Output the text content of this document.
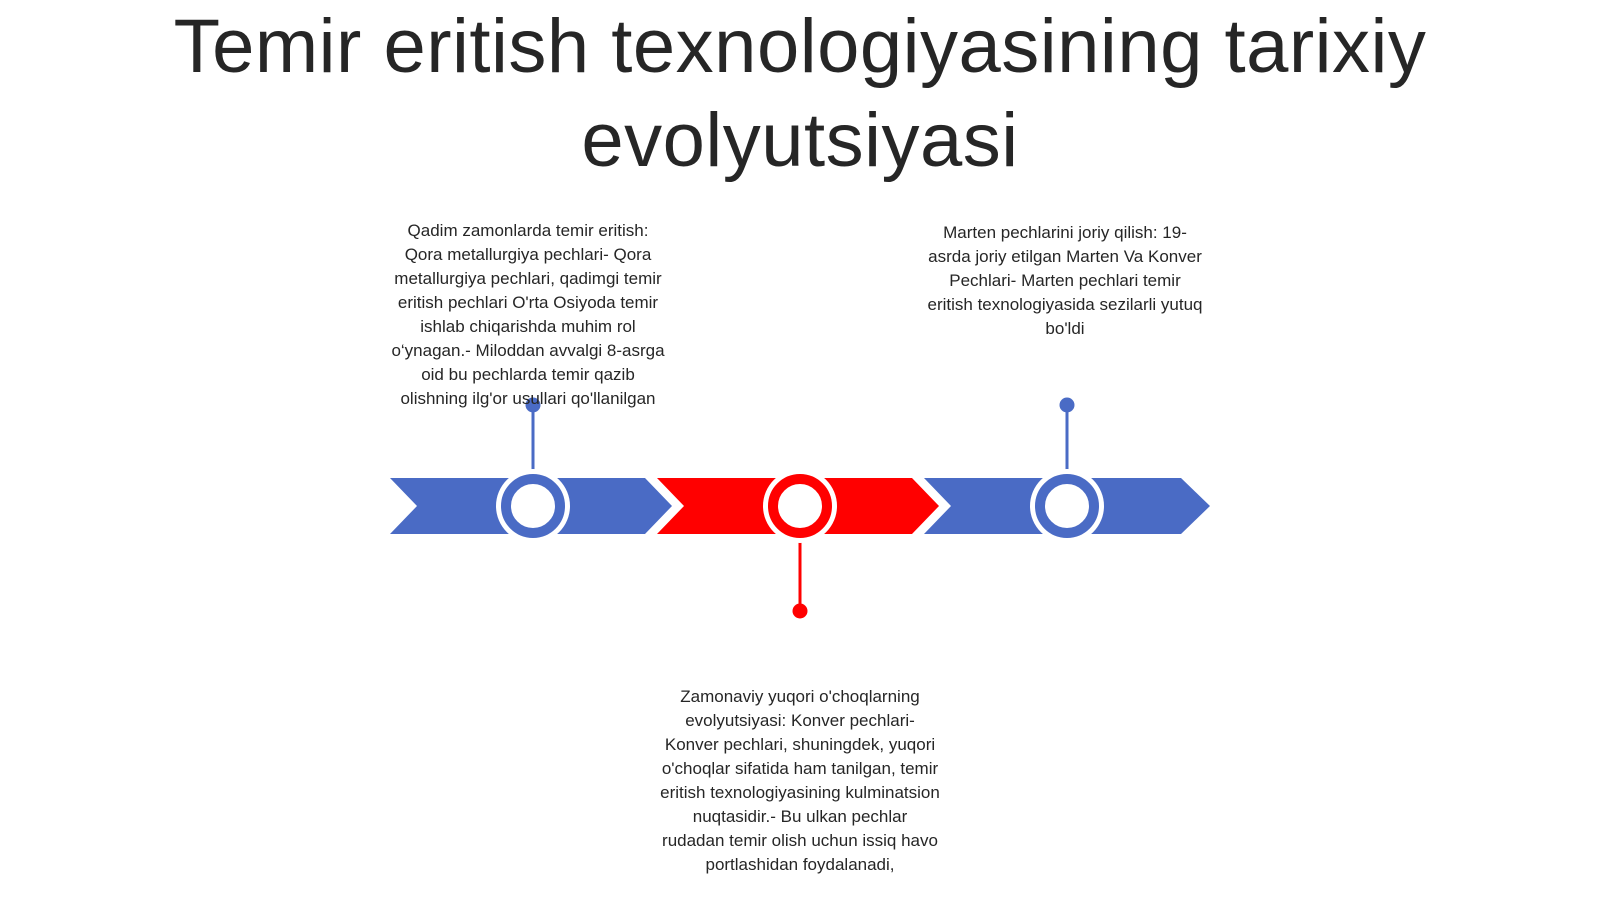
Temir eritish texnologiyasining tarixiy evolyutsiyasi
Qadim zamonlarda temir eritish: Qora metallurgiya pechlari- Qora metallurgiya pechlari, qadimgi temir eritish pechlari O'rta Osiyoda temir ishlab chiqarishda muhim rol o‘ynagan.- Miloddan avvalgi 8-asrga oid bu pechlarda temir qazib olishning ilg'or usullari qo'llanilgan
Marten pechlarini joriy qilish: 19-asrda joriy etilgan Marten Va Konver Pechlari- Marten pechlari temir eritish texnologiyasida sezilarli yutuq bo'ldi
Zamonaviy yuqori o'choqlarning evolyutsiyasi: Konver pechlari- Konver pechlari, shuningdek, yuqori o'choqlar sifatida ham tanilgan, temir eritish texnologiyasining kulminatsion nuqtasidir.- Bu ulkan pechlar rudadan temir olish uchun issiq havo portlashidan foydalanadi,
